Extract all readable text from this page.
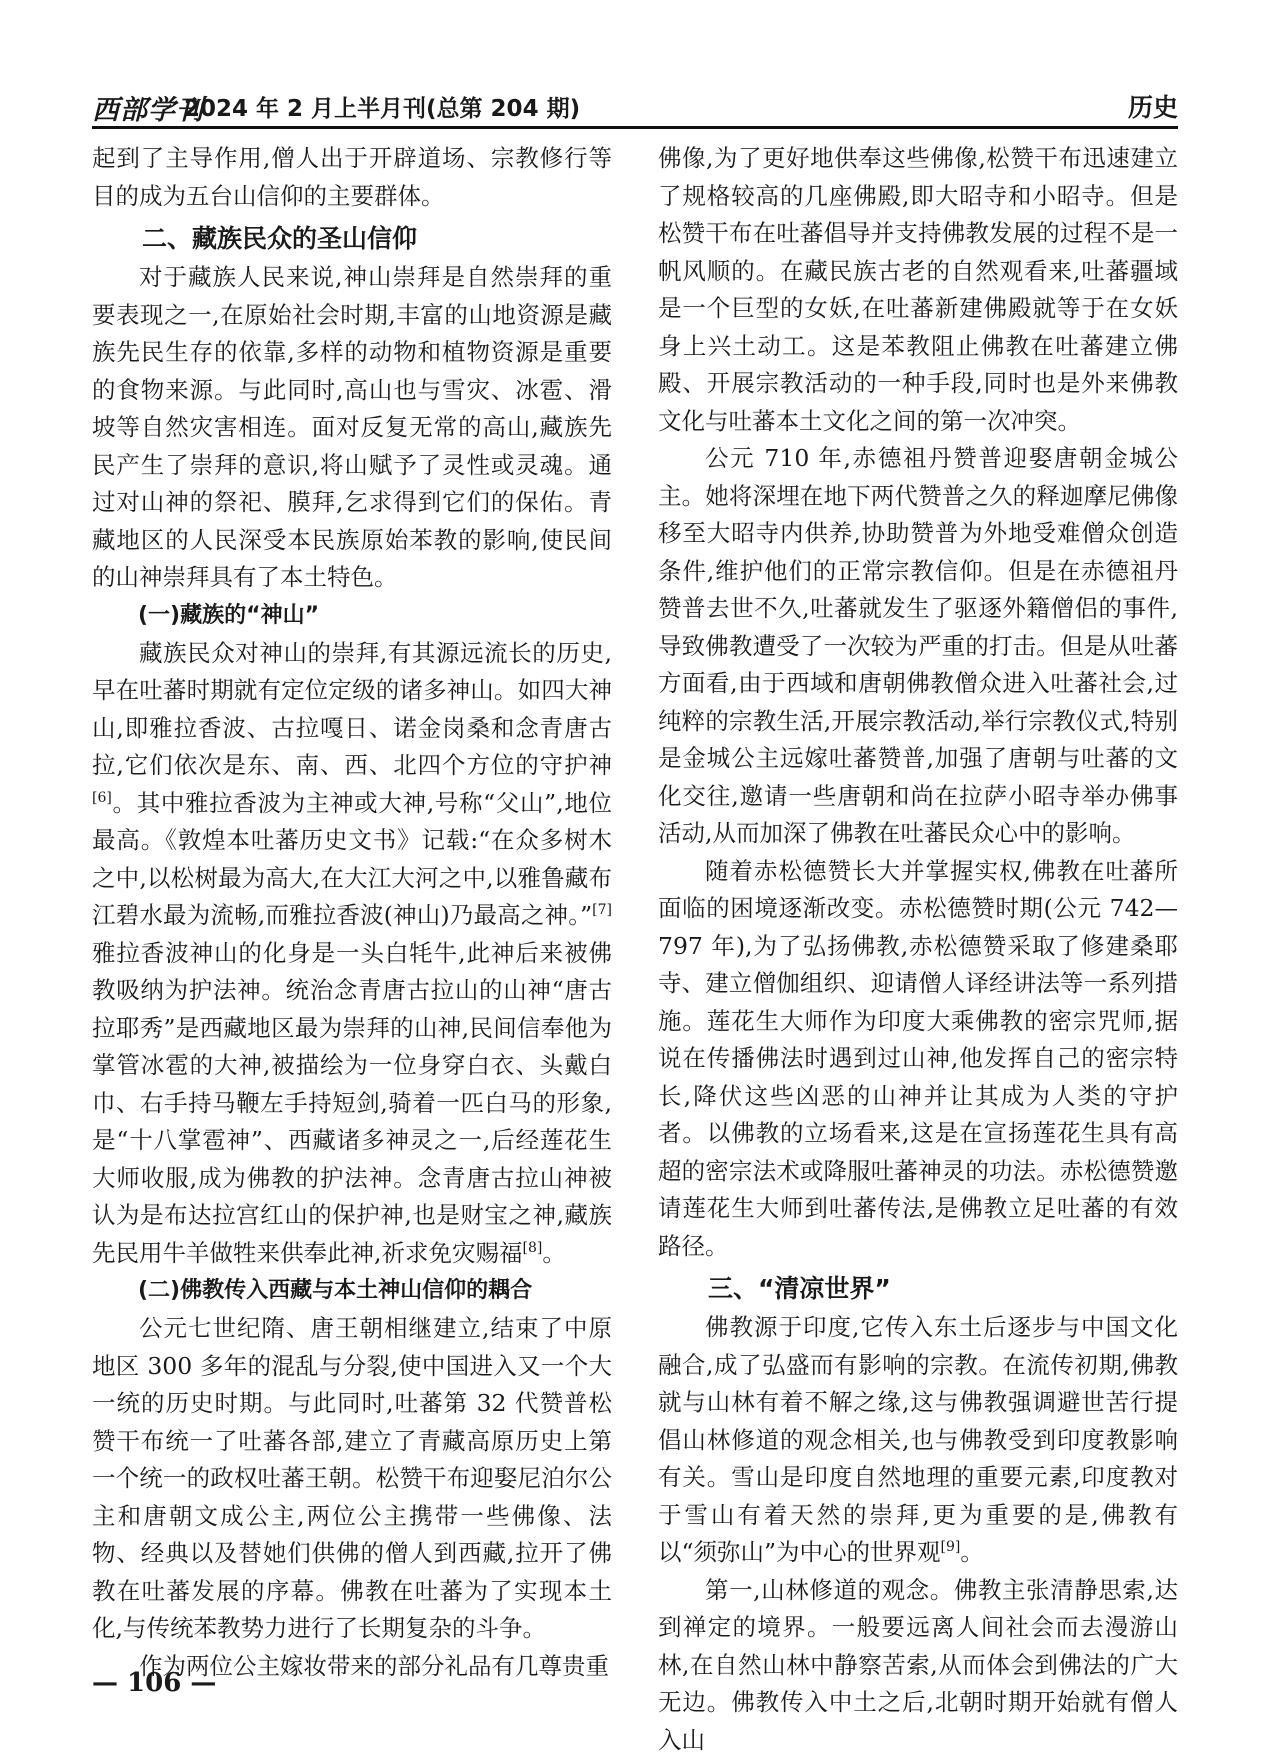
西部学刊
2024 年 2 月上半月刊(总第 204 期)	历史

起到了主导作用,僧人出于开辟道场、宗教修行等目的成为五台山信仰的主要群体。

二、藏族民众的圣山信仰

对于藏族人民来说,神山崇拜是自然崇拜的重要表现之一,在原始社会时期,丰富的山地资源是藏族先民生存的依靠,多样的动物和植物资源是重要的食物来源。与此同时,高山也与雪灾、冰雹、滑坡等自然灾害相连。面对反复无常的高山,藏族先民产生了崇拜的意识,将山赋予了灵性或灵魂。通过对山神的祭祀、膜拜,乞求得到它们的保佑。青藏地区的人民深受本民族原始苯教的影响,使民间的山神崇拜具有了本土特色。

(一)藏族的“神山”

藏族民众对神山的崇拜,有其源远流长的历史,早在吐蕃时期就有定位定级的诸多神山。如四大神山,即雅拉香波、古拉嘎日、诺金岗桑和念青唐古拉,它们依次是东、南、西、北四个方位的守护神[6]。其中雅拉香波为主神或大神,号称“父山”,地位最高。《敦煌本吐蕃历史文书》记载:“在众多树木之中,以松树最为高大,在大江大河之中,以雅鲁藏布江碧水最为流畅,而雅拉香波(神山)乃最高之神。”[7]雅拉香波神山的化身是一头白牦牛,此神后来被佛教吸纳为护法神。统治念青唐古拉山的山神“唐古拉耶秀”是西藏地区最为崇拜的山神,民间信奉他为掌管冰雹的大神,被描绘为一位身穿白衣、头戴白巾、右手持马鞭左手持短剑,骑着一匹白马的形象,是“十八掌雹神”、西藏诸多神灵之一,后经莲花生大师收服,成为佛教的护法神。念青唐古拉山神被认为是布达拉宫红山的保护神,也是财宝之神,藏族先民用牛羊做牲来供奉此神,祈求免灾赐福[8]。

(二)佛教传入西藏与本土神山信仰的耦合

公元七世纪隋、唐王朝相继建立,结束了中原地区 300 多年的混乱与分裂,使中国进入又一个大一统的历史时期。与此同时,吐蕃第 32 代赞普松赞干布统一了吐蕃各部,建立了青藏高原历史上第一个统一的政权吐蕃王朝。松赞干布迎娶尼泊尔公主和唐朝文成公主,两位公主携带一些佛像、法物、经典以及替她们供佛的僧人到西藏,拉开了佛教在吐蕃发展的序幕。佛教在吐蕃为了实现本土化,与传统苯教势力进行了长期复杂的斗争。

作为两位公主嫁妆带来的部分礼品有几尊贵重

佛像,为了更好地供奉这些佛像,松赞干布迅速建立了规格较高的几座佛殿,即大昭寺和小昭寺。但是松赞干布在吐蕃倡导并支持佛教发展的过程不是一帆风顺的。在藏民族古老的自然观看来,吐蕃疆域是一个巨型的女妖,在吐蕃新建佛殿就等于在女妖身上兴土动工。这是苯教阻止佛教在吐蕃建立佛殿、开展宗教活动的一种手段,同时也是外来佛教文化与吐蕃本土文化之间的第一次冲突。

公元 710 年,赤德祖丹赞普迎娶唐朝金城公主。她将深埋在地下两代赞普之久的释迦摩尼佛像移至大昭寺内供养,协助赞普为外地受难僧众创造条件,维护他们的正常宗教信仰。但是在赤德祖丹赞普去世不久,吐蕃就发生了驱逐外籍僧侣的事件,导致佛教遭受了一次较为严重的打击。但是从吐蕃方面看,由于西域和唐朝佛教僧众进入吐蕃社会,过纯粹的宗教生活,开展宗教活动,举行宗教仪式,特别是金城公主远嫁吐蕃赞普,加强了唐朝与吐蕃的文化交往,邀请一些唐朝和尚在拉萨小昭寺举办佛事活动,从而加深了佛教在吐蕃民众心中的影响。

随着赤松德赞长大并掌握实权,佛教在吐蕃所面临的困境逐渐改变。赤松德赞时期(公元 742—797 年),为了弘扬佛教,赤松德赞采取了修建桑耶寺、建立僧伽组织、迎请僧人译经讲法等一系列措施。莲花生大师作为印度大乘佛教的密宗咒师,据说在传播佛法时遇到过山神,他发挥自己的密宗特长,降伏这些凶恶的山神并让其成为人类的守护者。以佛教的立场看来,这是在宣扬莲花生具有高超的密宗法术或降服吐蕃神灵的功法。赤松德赞邀请莲花生大师到吐蕃传法,是佛教立足吐蕃的有效路径。

三、“清凉世界”

佛教源于印度,它传入东土后逐步与中国文化融合,成了弘盛而有影响的宗教。在流传初期,佛教就与山林有着不解之缘,这与佛教强调避世苦行提倡山林修道的观念相关,也与佛教受到印度教影响有关。雪山是印度自然地理的重要元素,印度教对于雪山有着天然的崇拜,更为重要的是,佛教有以“须弥山”为中心的世界观[9]。

第一,山林修道的观念。佛教主张清静思索,达到禅定的境界。一般要远离人间社会而去漫游山林,在自然山林中静察苦索,从而体会到佛法的广大无边。佛教传入中土之后,北朝时期开始就有僧人入山

— 106 —
